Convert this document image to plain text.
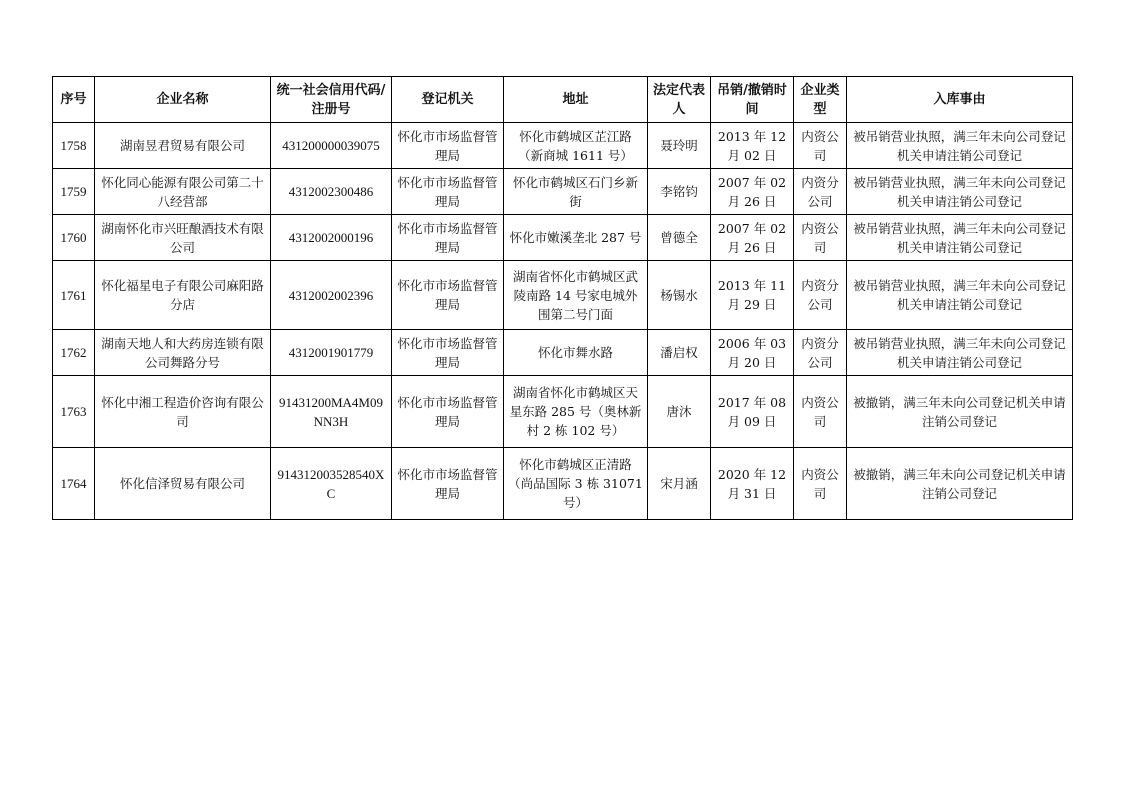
序号	企业名称	统一社会信用代码/注册号	登记机关	地址	法定代表人	吊销/撤销时间	企业类型	入库事由
1758	湖南昱君贸易有限公司	431200000039075	怀化市市场监督管理局	怀化市鹤城区芷江路（新商城 1611 号）	聂玲明	2013 年 12 月 02 日	内资公司	被吊销营业执照，满三年未向公司登记机关申请注销公司登记
1759	怀化同心能源有限公司第二十八经营部	4312002300486	怀化市市场监督管理局	怀化市鹤城区石门乡新街	李铭钧	2007 年 02 月 26 日	内资分公司	被吊销营业执照，满三年未向公司登记机关申请注销公司登记
1760	湖南怀化市兴旺酿酒技术有限公司	4312002000196	怀化市市场监督管理局	怀化市嫩溪垄北 287 号	曾德全	2007 年 02 月 26 日	内资公司	被吊销营业执照，满三年未向公司登记机关申请注销公司登记
1761	怀化福星电子有限公司麻阳路分店	4312002002396	怀化市市场监督管理局	湖南省怀化市鹤城区武陵南路 14 号家电城外围第二号门面	杨锡水	2013 年 11 月 29 日	内资分公司	被吊销营业执照，满三年未向公司登记机关申请注销公司登记
1762	湖南天地人和大药房连锁有限公司舞路分号	4312001901779	怀化市市场监督管理局	怀化市舞水路	潘启权	2006 年 03 月 20 日	内资分公司	被吊销营业执照，满三年未向公司登记机关申请注销公司登记
1763	怀化中湘工程造价咨询有限公司	91431200MA4M09NN3H	怀化市市场监督管理局	湖南省怀化市鹤城区天星东路 285 号（奥林新村 2 栋 102 号）	唐沐	2017 年 08 月 09 日	内资公司	被撤销，满三年未向公司登记机关申请注销公司登记
1764	怀化信泽贸易有限公司	914312003528540XC	怀化市市场监督管理局	怀化市鹤城区正清路（尚品国际 3 栋 31071 号）	宋月涵	2020 年 12 月 31 日	内资公司	被撤销，满三年未向公司登记机关申请注销公司登记
